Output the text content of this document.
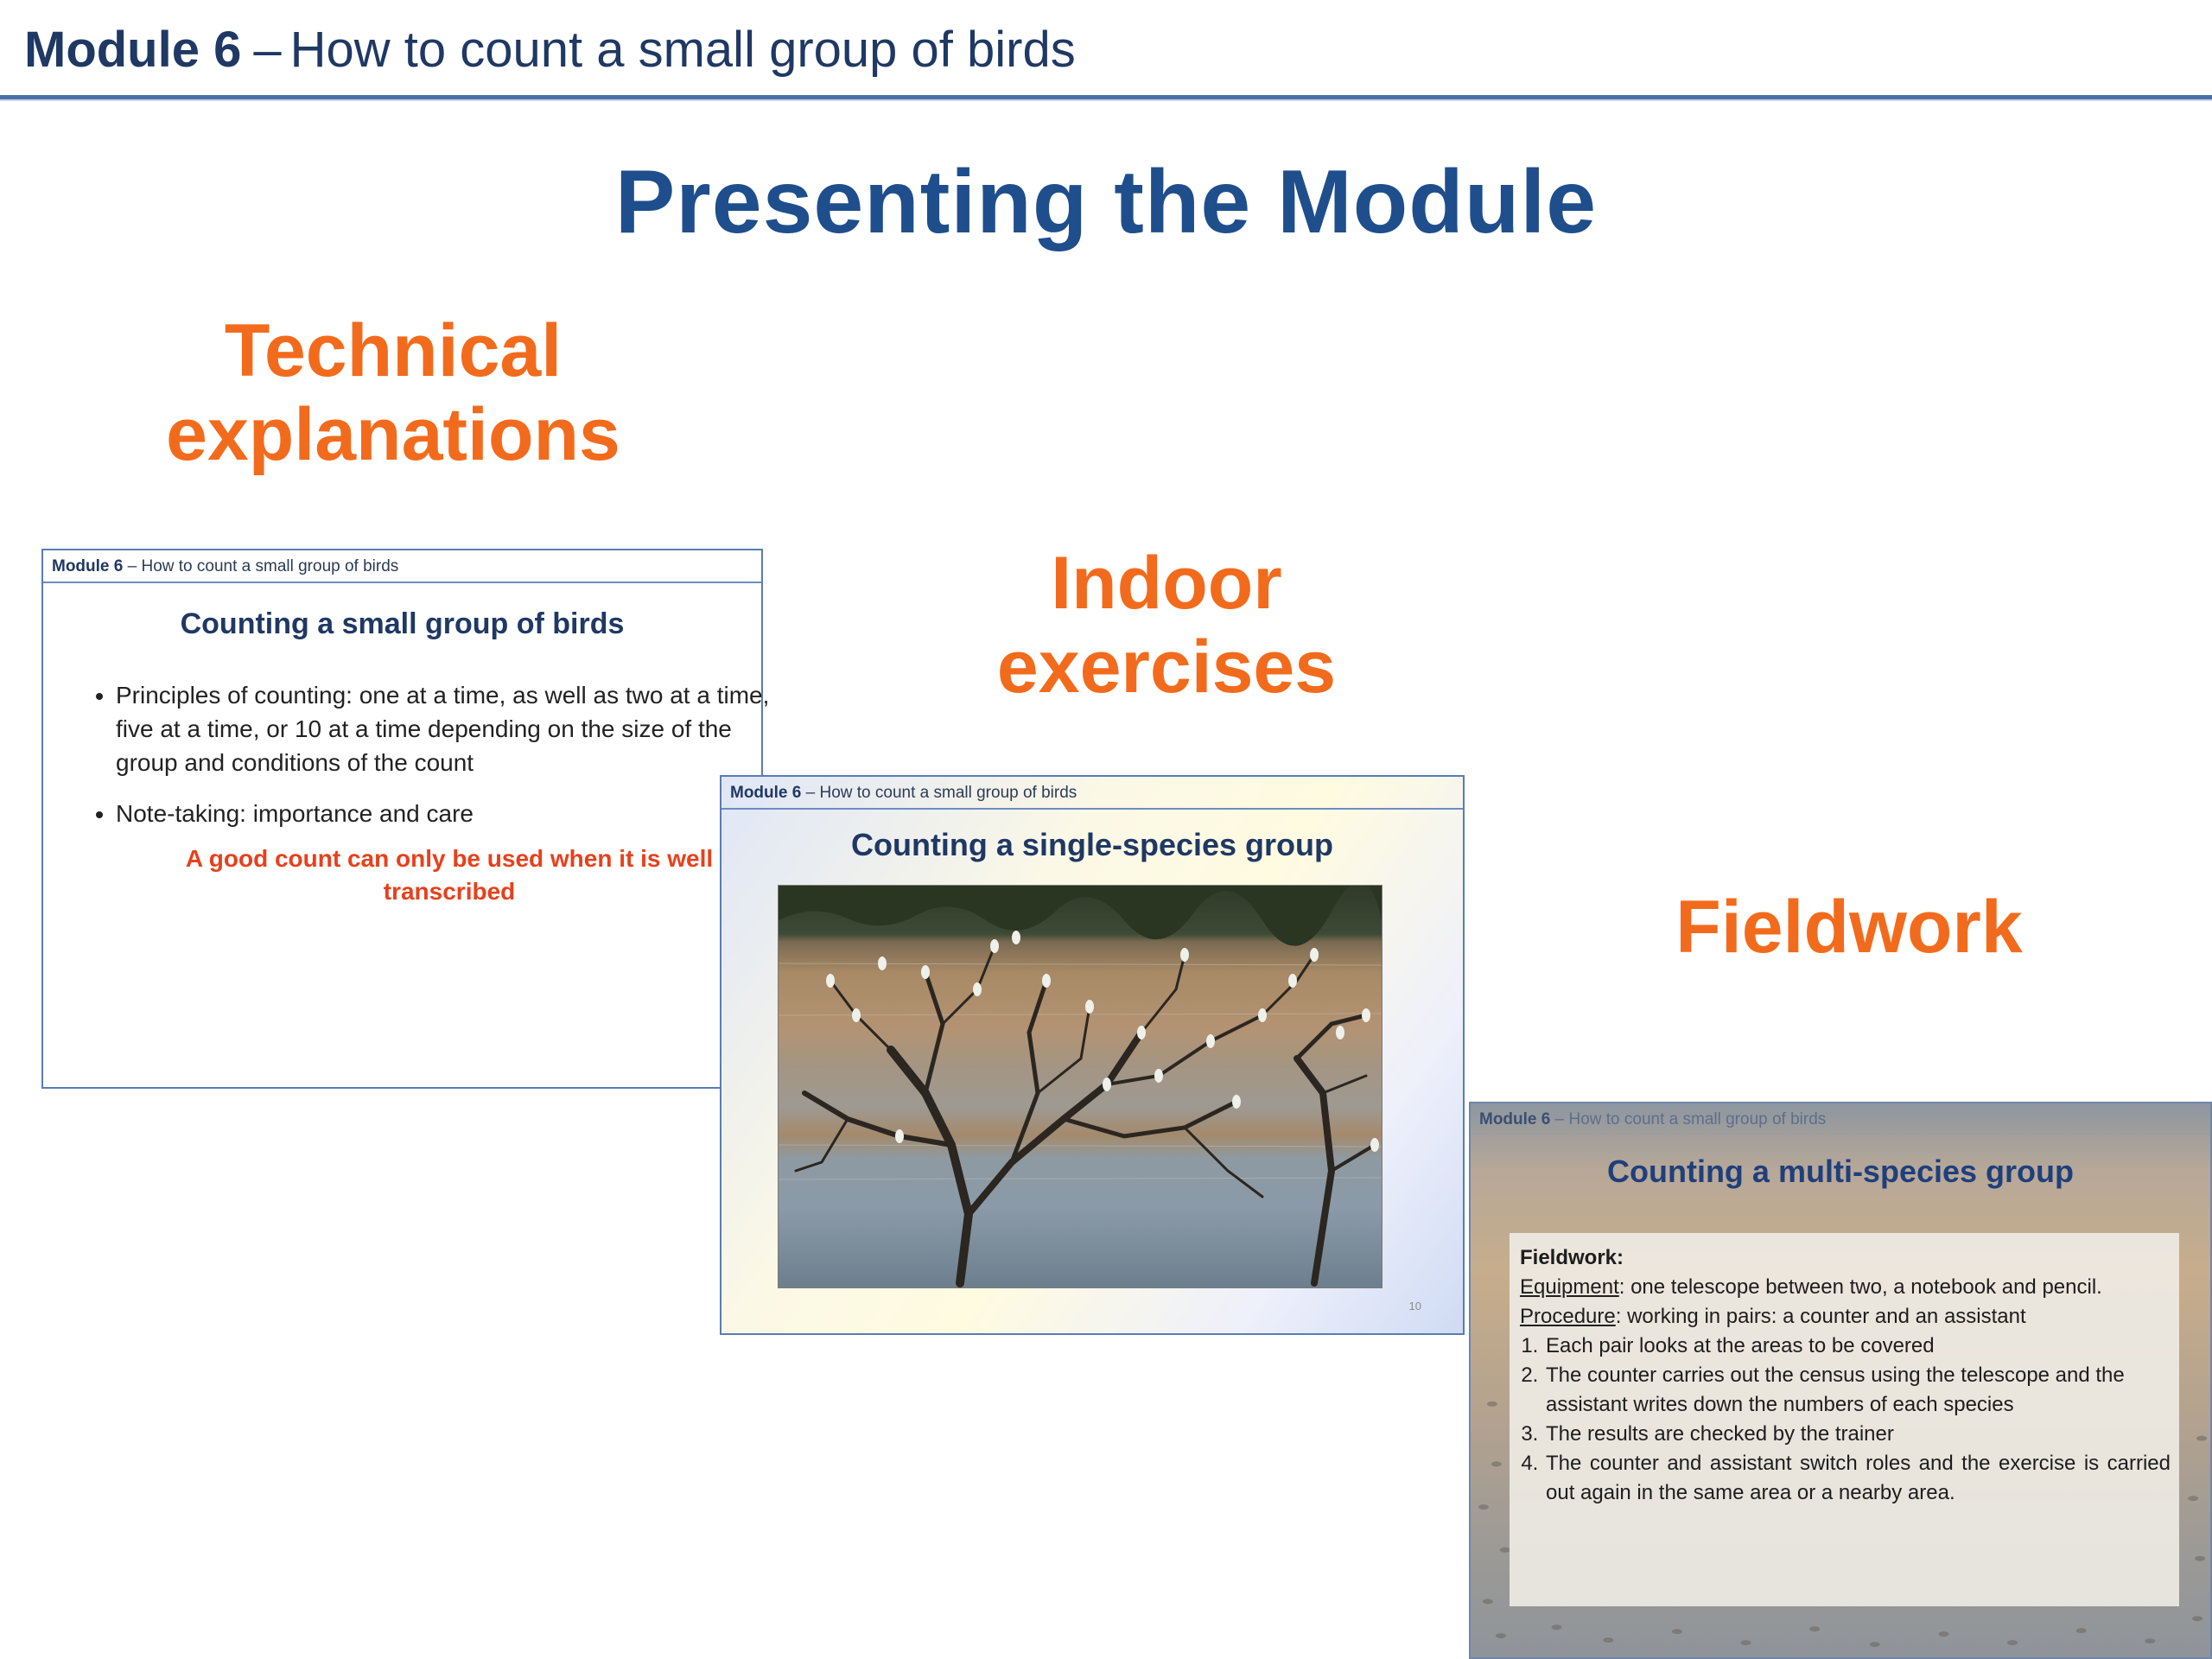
Module 6 – How to count a small group of birds
Presenting the Module
Technical
explanations
Indoor
exercises
Fieldwork
Module 6 – How to count a small group of birds
Counting a small group of birds
• Principles of counting: one at a time, as well as two at a time, five at a time, or 10 at a time depending on the size of the group and conditions of the count
• Note-taking: importance and care
A good count can only be used when it is well transcribed
Module 6 – How to count a small group of birds
Counting a single-species group
10
Module 6 – How to count a small group of birds
Counting a multi-species group
Fieldwork:
Equipment: one telescope between two, a notebook and pencil.
Procedure: working in pairs: a counter and an assistant
1. Each pair looks at the areas to be covered
2. The counter carries out the census using the telescope and the assistant writes down the numbers of each species
3. The results are checked by the trainer
4. The counter and assistant switch roles and the exercise is carried out again in the same area or a nearby area.
